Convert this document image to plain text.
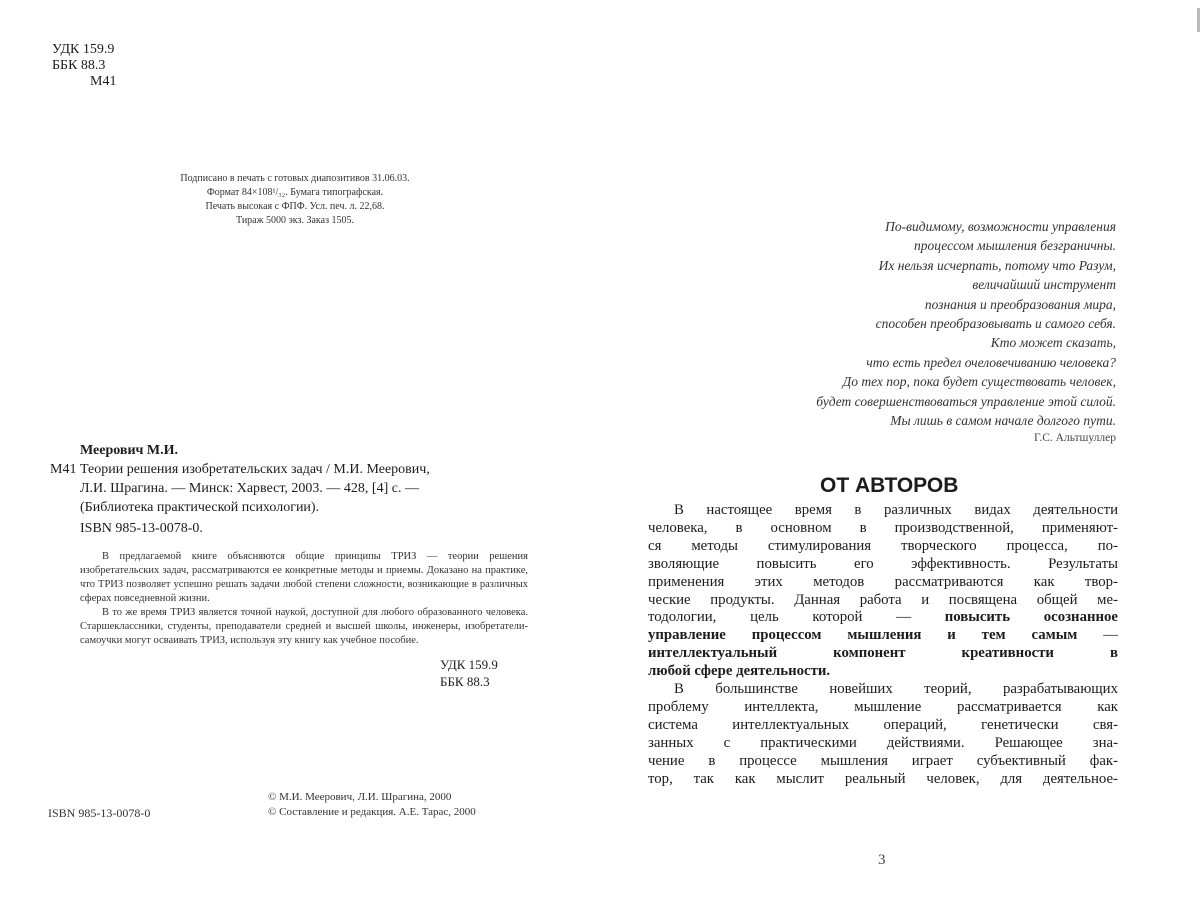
УДК 159.9
ББК 88.3
М41
Подписано в печать с готовых диапозитивов 31.06.03.
Формат 84×108¹/₃₂. Бумага типографская.
Печать высокая с ФПФ. Усл. печ. л. 22,68.
Тираж 5000 экз. Заказ 1505.
Меерович М.И.
М41 Теории решения изобретательских задач / М.И. Меерович,
Л.И. Шрагина. — Минск: Харвест, 2003. — 428, [4] с. —
(Библиотека практической психологии).
ISBN 985-13-0078-0.

В предлагаемой книге объясняются общие принципы ТРИЗ — теории решения изобретательских задач, рассматриваются ее конкретные методы и приемы. Доказано на практике, что ТРИЗ позволяет успешно решать задачи любой степени сложности, возникающие в различных сферах повседневной жизни.

В то же время ТРИЗ является точной наукой, доступной для любого образованного человека. Старшеклассники, студенты, преподаватели средней и высшей школы, инженеры, изобретатели-самоучки могут осваивать ТРИЗ, используя эту книгу как учебное пособие.

УДК 159.9
ББК 88.3
ISBN 985-13-0078-0
© М.И. Меерович, Л.И. Шрагина, 2000
© Составление и редакция. А.Е. Тарас, 2000
По-видимому, возможности управления
процессом мышления безграничны.
Их нельзя исчерпать, потому что Разум,
величайший инструмент
познания и преобразования мира,
способен преобразовывать и самого себя.
Кто может сказать,
что есть предел очеловечиванию человека?
До тех пор, пока будет существовать человек,
будет совершенствоваться управление этой силой.
Мы лишь в самом начале долгого пути.
Г.С. Альтшуллер
ОТ АВТОРОВ
В настоящее время в различных видах деятельности
человека, в основном в производственной, применяют-
ся методы стимулирования творческого процесса, по-
зволяющие повысить его эффективность. Результаты
применения этих методов рассматриваются как твор-
ческие продукты. Данная работа и посвящена общей ме-
тодологии, цель которой — повысить осознанное
управление процессом мышления и тем самым —
интеллектуальный компонент креативности в
любой сфере деятельности.
В большинстве новейших теорий, разрабатывающих
проблему интеллекта, мышление рассматривается как
система интеллектуальных операций, генетически свя-
занных с практическими действиями. Решающее зна-
чение в процессе мышления играет субъективный фак-
тор, так как мыслит реальный человек, для деятельное-
3
